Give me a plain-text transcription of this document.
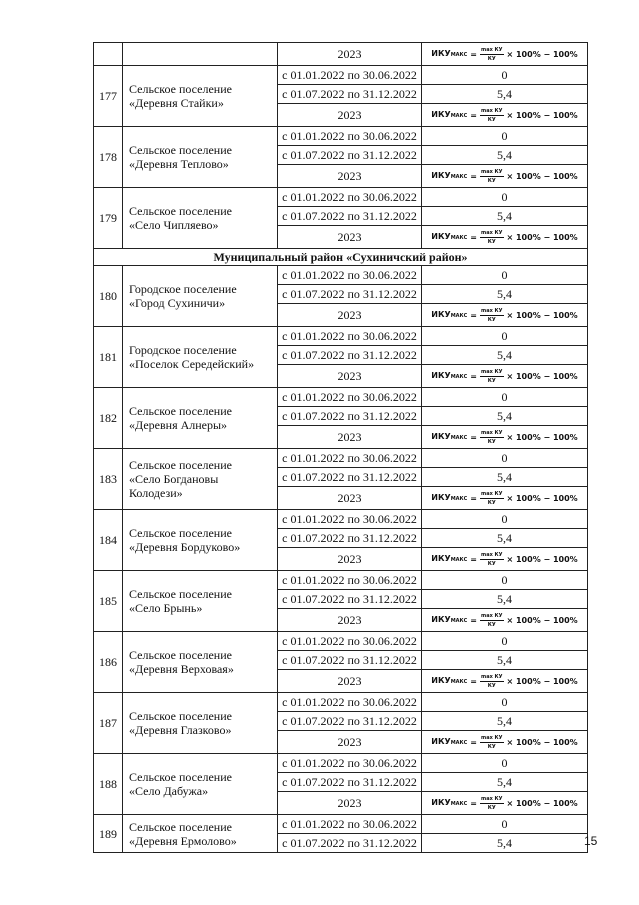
		2023	ИКУМАКС = $\frac{\text{max КУ}}{КУ} \times 100\% - 100\%$

177	Сельское поселение
«Деревня Стайки»	с 01.01.2022 по 30.06.2022	0
		с 01.07.2022 по 31.12.2022	5,4
		2023	ИКУМАКС = $\frac{\text{max КУ}}{КУ} \times 100\% - 100\%$

178	Сельское поселение
«Деревня Теплово»	с 01.01.2022 по 30.06.2022	0
		с 01.07.2022 по 31.12.2022	5,4
		2023	ИКУМАКС = $\frac{\text{max КУ}}{КУ} \times 100\% - 100\%$

179	Сельское поселение
«Село Чипляево»	с 01.01.2022 по 30.06.2022	0
		с 01.07.2022 по 31.12.2022	5,4
		2023	ИКУМАКС = $\frac{\text{max КУ}}{КУ} \times 100\% - 100\%$

Муниципальный район «Сухиничский район»			
180	Городское поселение
«Город Сухиничи»	с 01.01.2022 по 30.06.2022	0
		с 01.07.2022 по 31.12.2022	5,4
		2023	ИКУМАКС = $\frac{\text{max КУ}}{КУ} \times 100\% - 100\%$

181	Городское поселение
«Поселок Середейский»	с 01.01.2022 по 30.06.2022	0
		с 01.07.2022 по 31.12.2022	5,4
		2023	ИКУМАКС = $\frac{\text{max КУ}}{КУ} \times 100\% - 100\%$

182	Сельское поселение
«Деревня Алнеры»	с 01.01.2022 по 30.06.2022	0
		с 01.07.2022 по 31.12.2022	5,4
		2023	ИКУМАКС = $\frac{\text{max КУ}}{КУ} \times 100\% - 100\%$

183	Сельское поселение
«Село Богдановы
Колодези»	с 01.01.2022 по 30.06.2022	0
		с 01.07.2022 по 31.12.2022	5,4
		2023	ИКУМАКС = $\frac{\text{max КУ}}{КУ} \times 100\% - 100\%$

184	Сельское поселение
«Деревня Бордуково»	с 01.01.2022 по 30.06.2022	0
		с 01.07.2022 по 31.12.2022	5,4
		2023	ИКУМАКС = $\frac{\text{max КУ}}{КУ} \times 100\% - 100\%$

185	Сельское поселение
«Село Брынь»	с 01.01.2022 по 30.06.2022	0
		с 01.07.2022 по 31.12.2022	5,4
		2023	ИКУМАКС = $\frac{\text{max КУ}}{КУ} \times 100\% - 100\%$

186	Сельское поселение
«Деревня Верховая»	с 01.01.2022 по 30.06.2022	0
		с 01.07.2022 по 31.12.2022	5,4
		2023	ИКУМАКС = $\frac{\text{max КУ}}{КУ} \times 100\% - 100\%$

187	Сельское поселение
«Деревня Глазково»	с 01.01.2022 по 30.06.2022	0
		с 01.07.2022 по 31.12.2022	5,4
		2023	ИКУМАКС = $\frac{\text{max КУ}}{КУ} \times 100\% - 100\%$

188	Сельское поселение
«Село Дабужа»	с 01.01.2022 по 30.06.2022	0
		с 01.07.2022 по 31.12.2022	5,4
		2023	ИКУМАКС = $\frac{\text{max КУ}}{КУ} \times 100\% - 100\%$

189	Сельское поселение
«Деревня Ермолово»	с 01.01.2022 по 30.06.2022	0
		с 01.07.2022 по 31.12.2022	5,4	15
